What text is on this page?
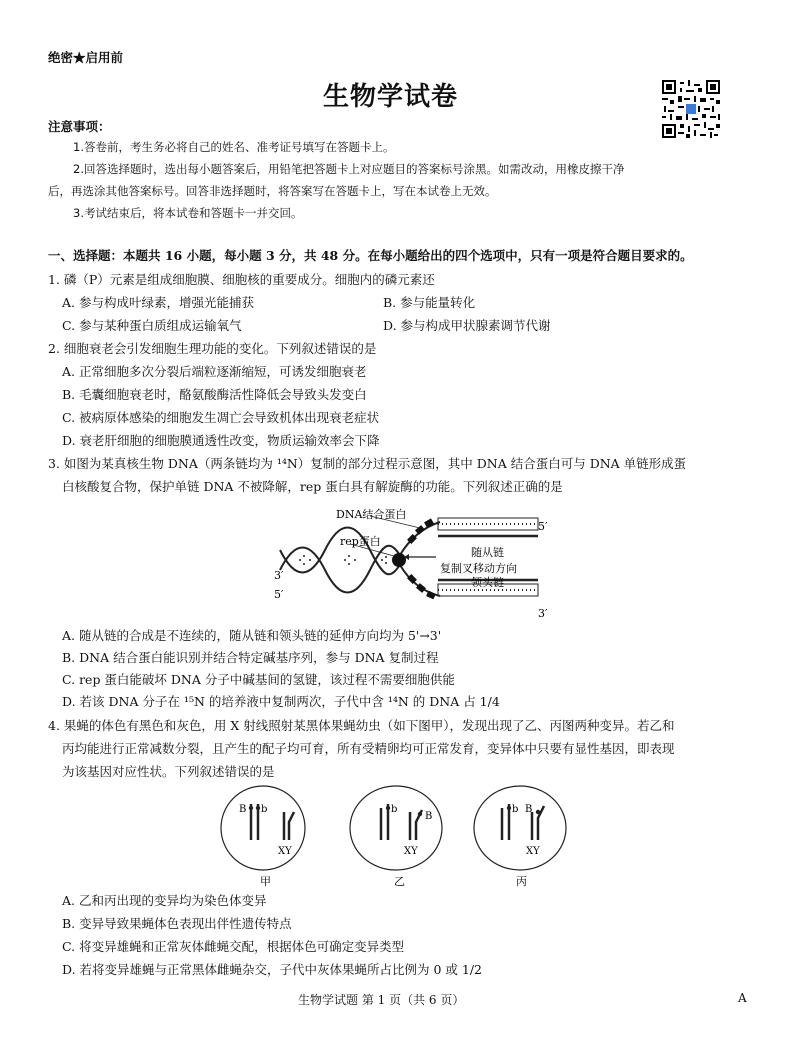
绝密★启用前
生物学试卷
注意事项：
1.答卷前，考生务必将自己的姓名、准考证号填写在答题卡上。
2.回答选择题时，选出每小题答案后，用铅笔把答题卡上对应题目的答案标号涂黑。如需改动，用橡皮擦干净
后，再选涂其他答案标号。回答非选择题时，将答案写在答题卡上，写在本试卷上无效。
3.考试结束后，将本试卷和答题卡一并交回。
一、选择题：本题共 16 小题，每小题 3 分，共 48 分。在每小题给出的四个选项中，只有一项是符合题目要求的。
1. 磷（P）元素是组成细胞膜、细胞核的重要成分。细胞内的磷元素还
A. 参与构成叶绿素，增强光能捕获	B. 参与能量转化
C. 参与某种蛋白质组成运输氧气	D. 参与构成甲状腺素调节代谢
2. 细胞衰老会引发细胞生理功能的变化。下列叙述错误的是
A. 正常细胞多次分裂后端粒逐渐缩短，可诱发细胞衰老
B. 毛囊细胞衰老时，酪氨酸酶活性降低会导致头发变白
C. 被病原体感染的细胞发生凋亡会导致机体出现衰老症状
D. 衰老肝细胞的细胞膜通透性改变，物质运输效率会下降
3. 如图为某真核生物 DNA（两条链均为 ¹⁴N）复制的部分过程示意图，其中 DNA 结合蛋白可与 DNA 单链形成蛋
白核酸复合物，保护单链 DNA 不被降解，rep 蛋白具有解旋酶的功能。下列叙述正确的是
DNA结合蛋白
rep蛋白
随从链
复制叉移动方向
领头链
5′
3′
3′
5′
A. 随从链的合成是不连续的，随从链和领头链的延伸方向均为 5'→3'
B. DNA 结合蛋白能识别并结合特定碱基序列，参与 DNA 复制过程
C. rep 蛋白能破坏 DNA 分子中碱基间的氢键，该过程不需要细胞供能
D. 若该 DNA 分子在 ¹⁵N 的培养液中复制两次，子代中含 ¹⁴N 的 DNA 占 1/4
4. 果蝇的体色有黑色和灰色，用 X 射线照射某黑体果蝇幼虫（如下图甲），发现出现了乙、丙图两种变异。若乙和
丙均能进行正常减数分裂，且产生的配子均可育，所有受精卵均可正常发育，变异体中只要有显性基因，即表现
为该基因对应性状。下列叙述错误的是
B b
XY
甲
b
B
XY
乙
b B
XY
丙
A. 乙和丙出现的变异均为染色体变异
B. 变异导致果蝇体色表现出伴性遗传特点
C. 将变异雄蝇和正常灰体雌蝇交配，根据体色可确定变异类型
D. 若将变异雄蝇与正常黑体雌蝇杂交，子代中灰体果蝇所占比例为 0 或 1/2
生物学试题 第 1 页（共 6 页）	A
